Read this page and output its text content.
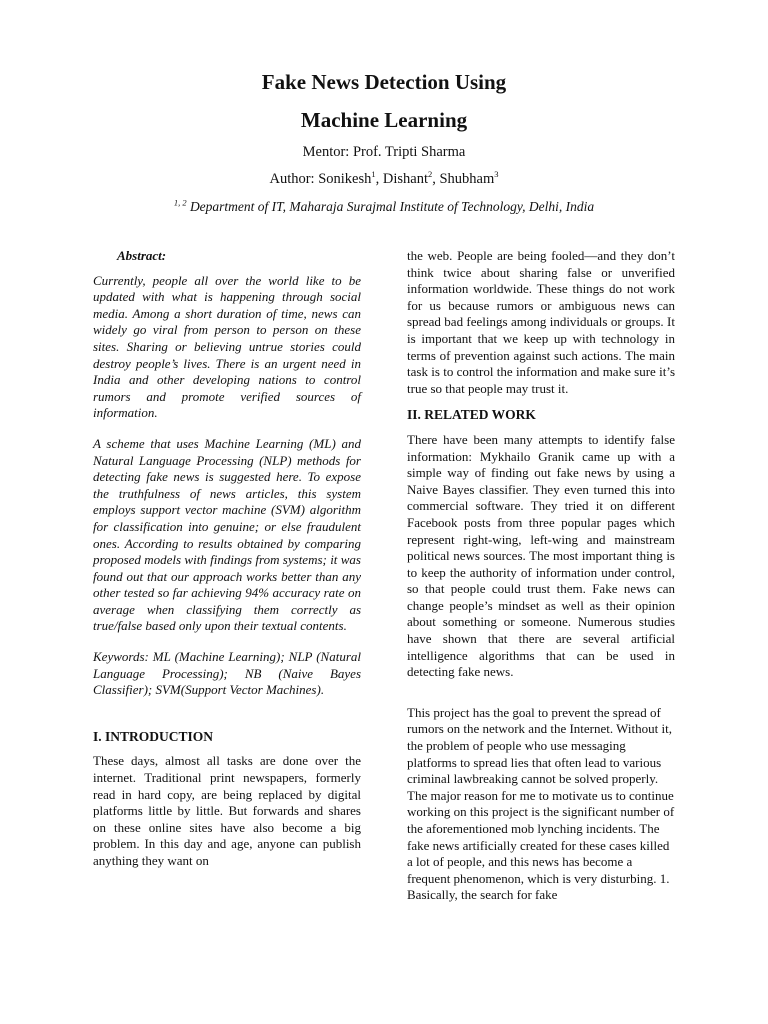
Fake News Detection Using
Machine Learning
Mentor: Prof. Tripti Sharma
Author: Sonikesh$^1$, Dishant$^2$, Shubham$^3$
$^{1, 2}$ Department of IT, Maharaja Surajmal Institute of Technology, Delhi, India
Abstract:

Currently, people all over the world like to be updated with what is happening through social media. Among a short duration of time, news can widely go viral from person to person on these sites. Sharing or believing untrue stories could destroy people’s lives. There is an urgent need in India and other developing nations to control rumors and promote verified sources of information.

A scheme that uses Machine Learning (ML) and Natural Language Processing (NLP) methods for detecting fake news is suggested here. To expose the truthfulness of news articles, this system employs support vector machine (SVM) algorithm for classification into genuine; or else fraudulent ones. According to results obtained by comparing proposed models with findings from systems; it was found out that our approach works better than any other tested so far achieving 94% accuracy rate on average when classifying them correctly as true/false based only upon their textual contents.

Keywords: ML (Machine Learning); NLP (Natural Language Processing); NB (Naive Bayes Classifier); SVM(Support Vector Machines).

I. INTRODUCTION

These days, almost all tasks are done over the internet. Traditional print newspapers, formerly read in hard copy, are being replaced by digital platforms little by little. But forwards and shares on these online sites have also become a big problem. In this day and age, anyone can publish anything they want on

the web. People are being fooled—and they don’t think twice about sharing false or unverified information worldwide. These things do not work for us because rumors or ambiguous news can spread bad feelings among individuals or groups. It is important that we keep up with technology in terms of prevention against such actions. The main task is to control the information and make sure it’s true so that people may trust it.

II. RELATED WORK

There have been many attempts to identify false information: Mykhailo Granik came up with a simple way of finding out fake news by using a Naive Bayes classifier. They even turned this into commercial software. They tried it on different Facebook posts from three popular pages which represent right-wing, left-wing and mainstream political news sources. The most important thing is to keep the authority of information under control, so that people could trust them. Fake news can change people’s mindset as well as their opinion about something or someone. Numerous studies have shown that there are several artificial intelligence algorithms that can be used in detecting fake news.

This project has the goal to prevent the spread of rumors on the network and the Internet. Without it, the problem of people who use messaging platforms to spread lies that often lead to various criminal lawbreaking cannot be solved properly. The major reason for me to motivate us to continue working on this project is the significant number of the aforementioned mob lynching incidents. The fake news artificially created for these cases killed a lot of people, and this news has become a frequent phenomenon, which is very disturbing. 1. Basically, the search for fake
